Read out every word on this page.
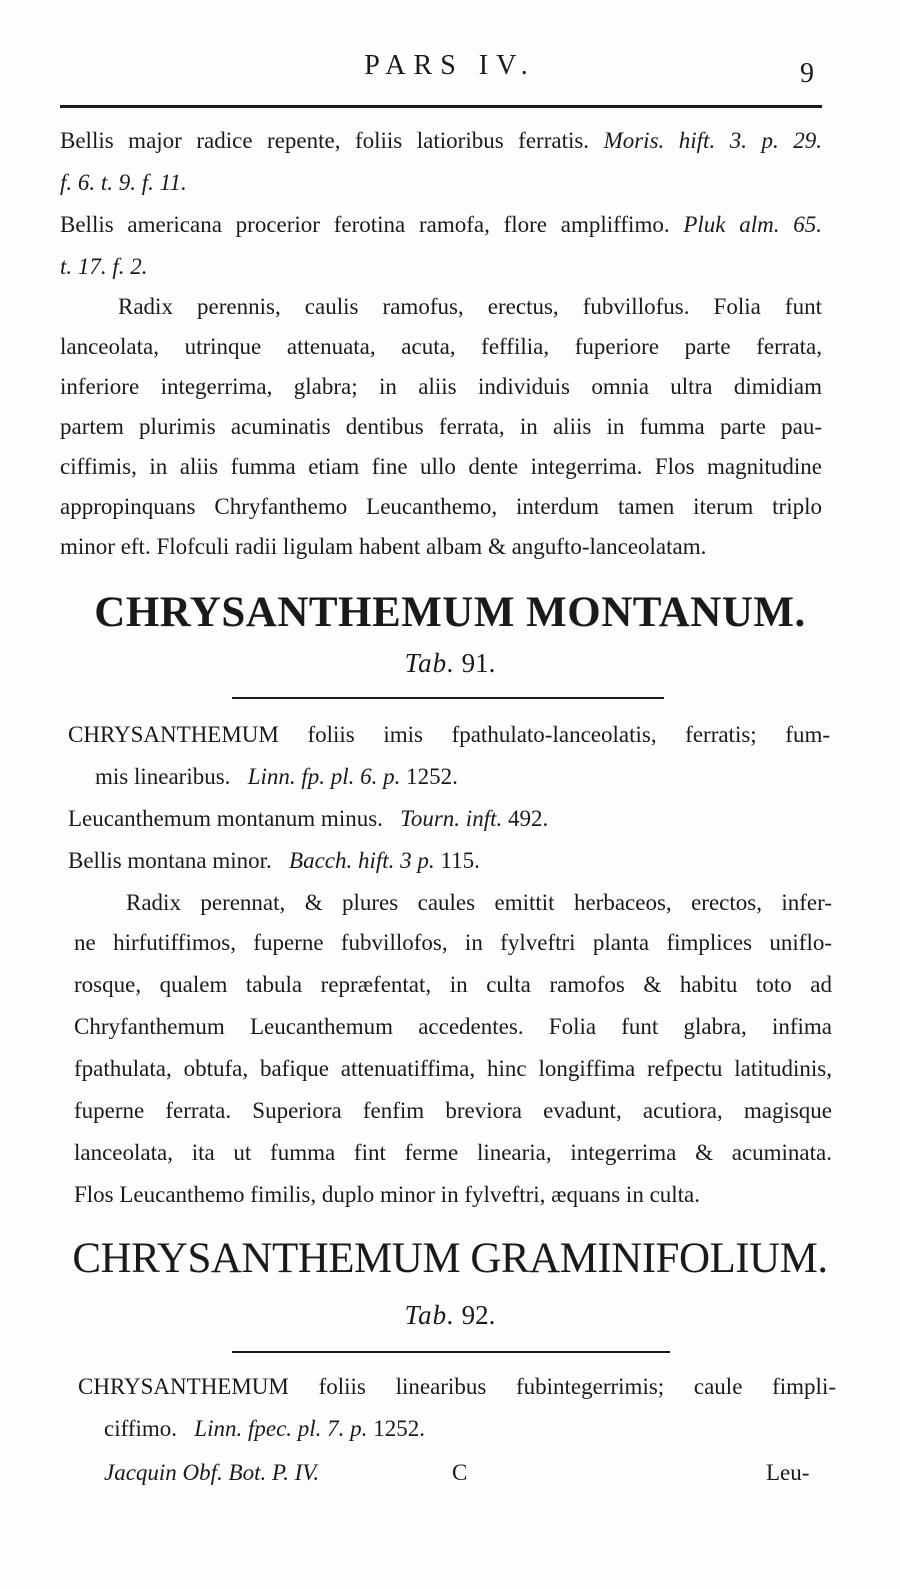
PARS IV.	9
Bellis major radice repente, foliis latioribus ferratis. Moris. hift. 3. p. 29.
f. 6. t. 9. f. 11.
Bellis americana procerior ferotina ramofa, flore ampliffimo. Pluk alm. 65.
t. 17. f. 2.
Radix perennis, caulis ramofus, erectus, fubvillofus. Folia funt
lanceolata, utrinque attenuata, acuta, feffilia, fuperiore parte ferrata,
inferiore integerrima, glabra; in aliis individuis omnia ultra dimidiam
partem plurimis acuminatis dentibus ferrata, in aliis in fumma parte pau-
ciffimis, in aliis fumma etiam fine ullo dente integerrima. Flos magnitudine
appropinquans Chryfanthemo Leucanthemo, interdum tamen iterum triplo
minor eft. Flofculi radii ligulam habent albam & angufto-lanceolatam.
CHRYSANTHEMUM MONTANUM.
Tab. 91.
CHRYSANTHEMUM foliis imis fpathulato-lanceolatis, ferratis; fum-
mis linearibus. Linn. fp. pl. 6. p. 1252.
Leucanthemum montanum minus. Tourn. inft. 492.
Bellis montana minor. Bacch. hift. 3 p. 115.
Radix perennat, & plures caules emittit herbaceos, erectos, infer-
ne hirfutiffimos, fuperne fubvillofos, in fylveftri planta fimplices uniflo-
rosque, qualem tabula repræfentat, in culta ramofos & habitu toto ad
Chryfanthemum Leucanthemum accedentes. Folia funt glabra, infima
fpathulata, obtufa, bafique attenuatiffima, hinc longiffima refpectu latitudinis,
fuperne ferrata. Superiora fenfim breviora evadunt, acutiora, magisque
lanceolata, ita ut fumma fint ferme linearia, integerrima & acuminata.
Flos Leucanthemo fimilis, duplo minor in fylveftri, æquans in culta.
CHRYSANTHEMUM GRAMINIFOLIUM.
Tab. 92.
CHRYSANTHEMUM foliis linearibus fubintegerrimis; caule fimpli-
ciffimo. Linn. fpec. pl. 7. p. 1252.
Jacquin Obf. Bot. P. IV.	C	Leu-
